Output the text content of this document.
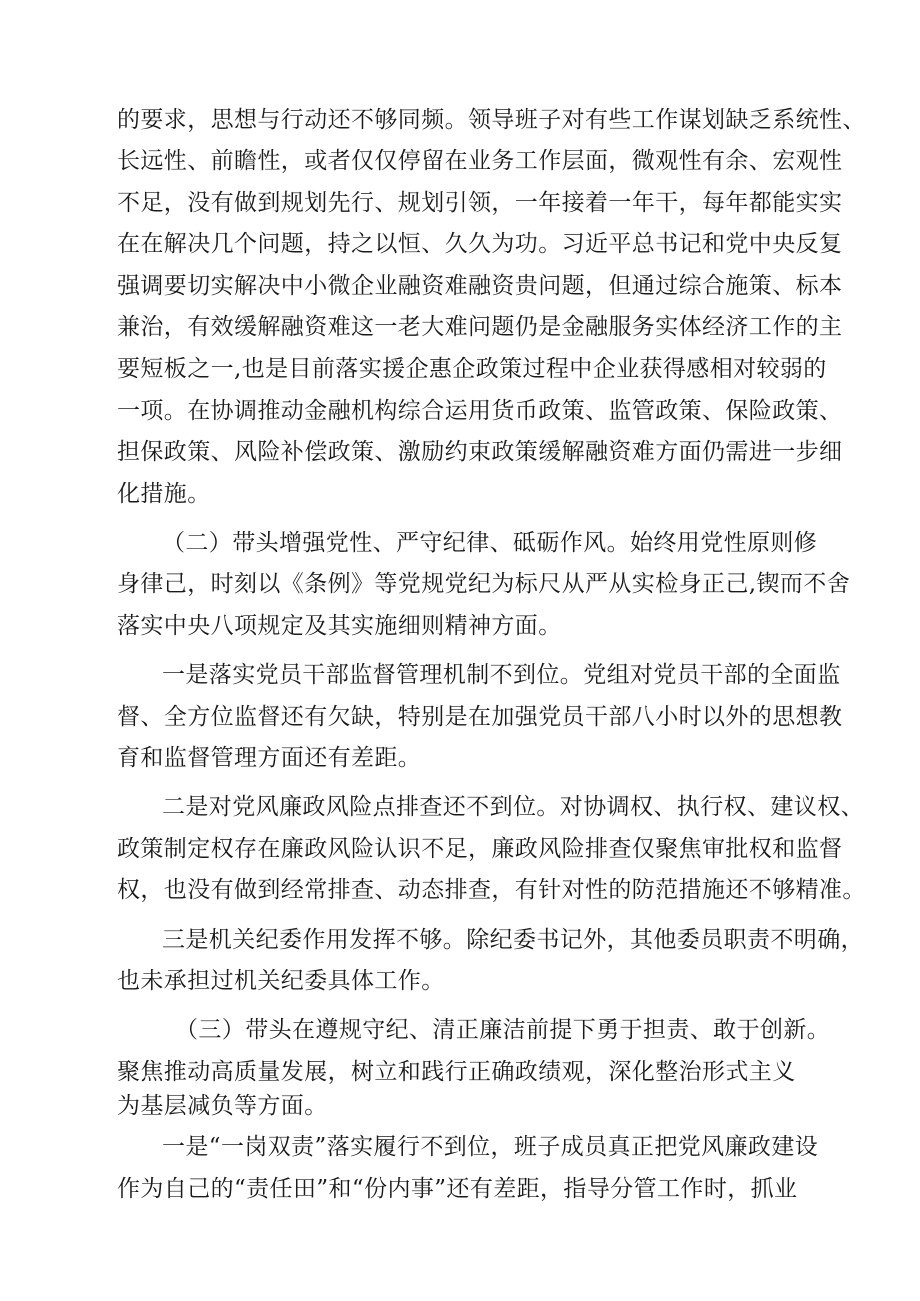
的要求，思想与行动还不够同频。领导班子对有些工作谋划缺乏系统性、
长远性、前瞻性，或者仅仅停留在业务工作层面，微观性有余、宏观性
不足，没有做到规划先行、规划引领，一年接着一年干，每年都能实实
在在解决几个问题，持之以恒、久久为功。习近平总书记和党中央反复
强调要切实解决中小微企业融资难融资贵问题，但通过综合施策、标本
兼治，有效缓解融资难这一老大难问题仍是金融服务实体经济工作的主
要短板之一,也是目前落实援企惠企政策过程中企业获得感相对较弱的
一项。在协调推动金融机构综合运用货币政策、监管政策、保险政策、
担保政策、风险补偿政策、激励约束政策缓解融资难方面仍需进一步细
化措施。
（二）带头增强党性、严守纪律、砥砺作风。始终用党性原则修
身律己，时刻以《条例》等党规党纪为标尺从严从实检身正己,锲而不舍
落实中央八项规定及其实施细则精神方面。
一是落实党员干部监督管理机制不到位。党组对党员干部的全面监
督、全方位监督还有欠缺，特别是在加强党员干部八小时以外的思想教
育和监督管理方面还有差距。
二是对党风廉政风险点排查还不到位。对协调权、执行权、建议权、
政策制定权存在廉政风险认识不足，廉政风险排查仅聚焦审批权和监督
权，也没有做到经常排查、动态排查，有针对性的防范措施还不够精准。
三是机关纪委作用发挥不够。除纪委书记外，其他委员职责不明确，
也未承担过机关纪委具体工作。
（三）带头在遵规守纪、清正廉洁前提下勇于担责、敢于创新。
聚焦推动高质量发展，树立和践行正确政绩观，深化整治形式主义
为基层减负等方面。
一是“一岗双责”落实履行不到位，班子成员真正把党风廉政建设
作为自己的“责任田”和“份内事”还有差距，指导分管工作时，抓业
